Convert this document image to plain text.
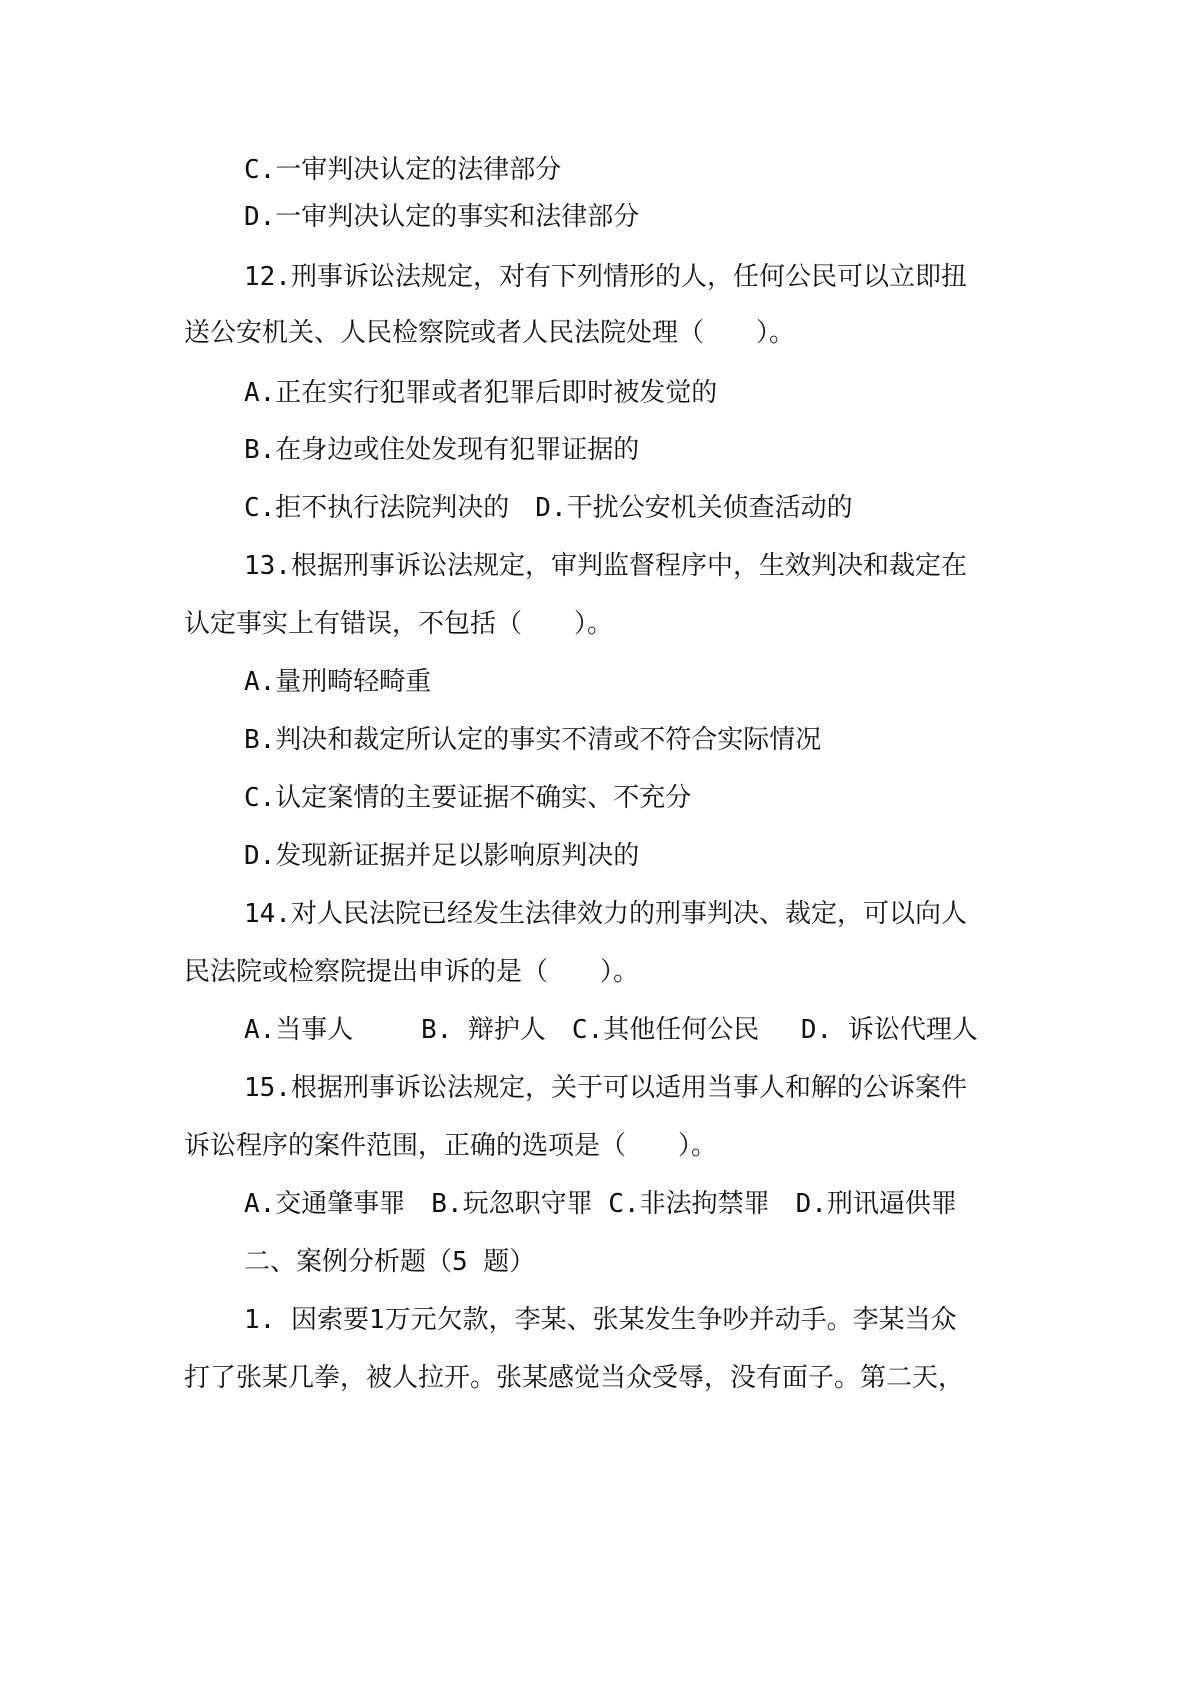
C.一审判决认定的法律部分
D.一审判决认定的事实和法律部分
12.刑事诉讼法规定，对有下列情形的人，任何公民可以立即扭
送公安机关、人民检察院或者人民法院处理（　　）。
A.正在实行犯罪或者犯罪后即时被发觉的
B.在身边或住处发现有犯罪证据的
C.拒不执行法院判决的　D.干扰公安机关侦查活动的
13.根据刑事诉讼法规定，审判监督程序中，生效判决和裁定在
认定事实上有错误，不包括（　　）。
A.量刑畸轻畸重
B.判决和裁定所认定的事实不清或不符合实际情况
C.认定案情的主要证据不确实、不充分
D.发现新证据并足以影响原判决的
14.对人民法院已经发生法律效力的刑事判决、裁定，可以向人
民法院或检察院提出申诉的是（　　）。
A.当事人　　 B. 辩护人　C.其他任何公民　 D. 诉讼代理人
15.根据刑事诉讼法规定，关于可以适用当事人和解的公诉案件
诉讼程序的案件范围，正确的选项是（　　）。
A.交通肇事罪　B.玩忽职守罪 C.非法拘禁罪　D.刑讯逼供罪
二、案例分析题（5 题）
1. 因索要1万元欠款，李某、张某发生争吵并动手。李某当众
打了张某几拳，被人拉开。张某感觉当众受辱，没有面子。第二天，
